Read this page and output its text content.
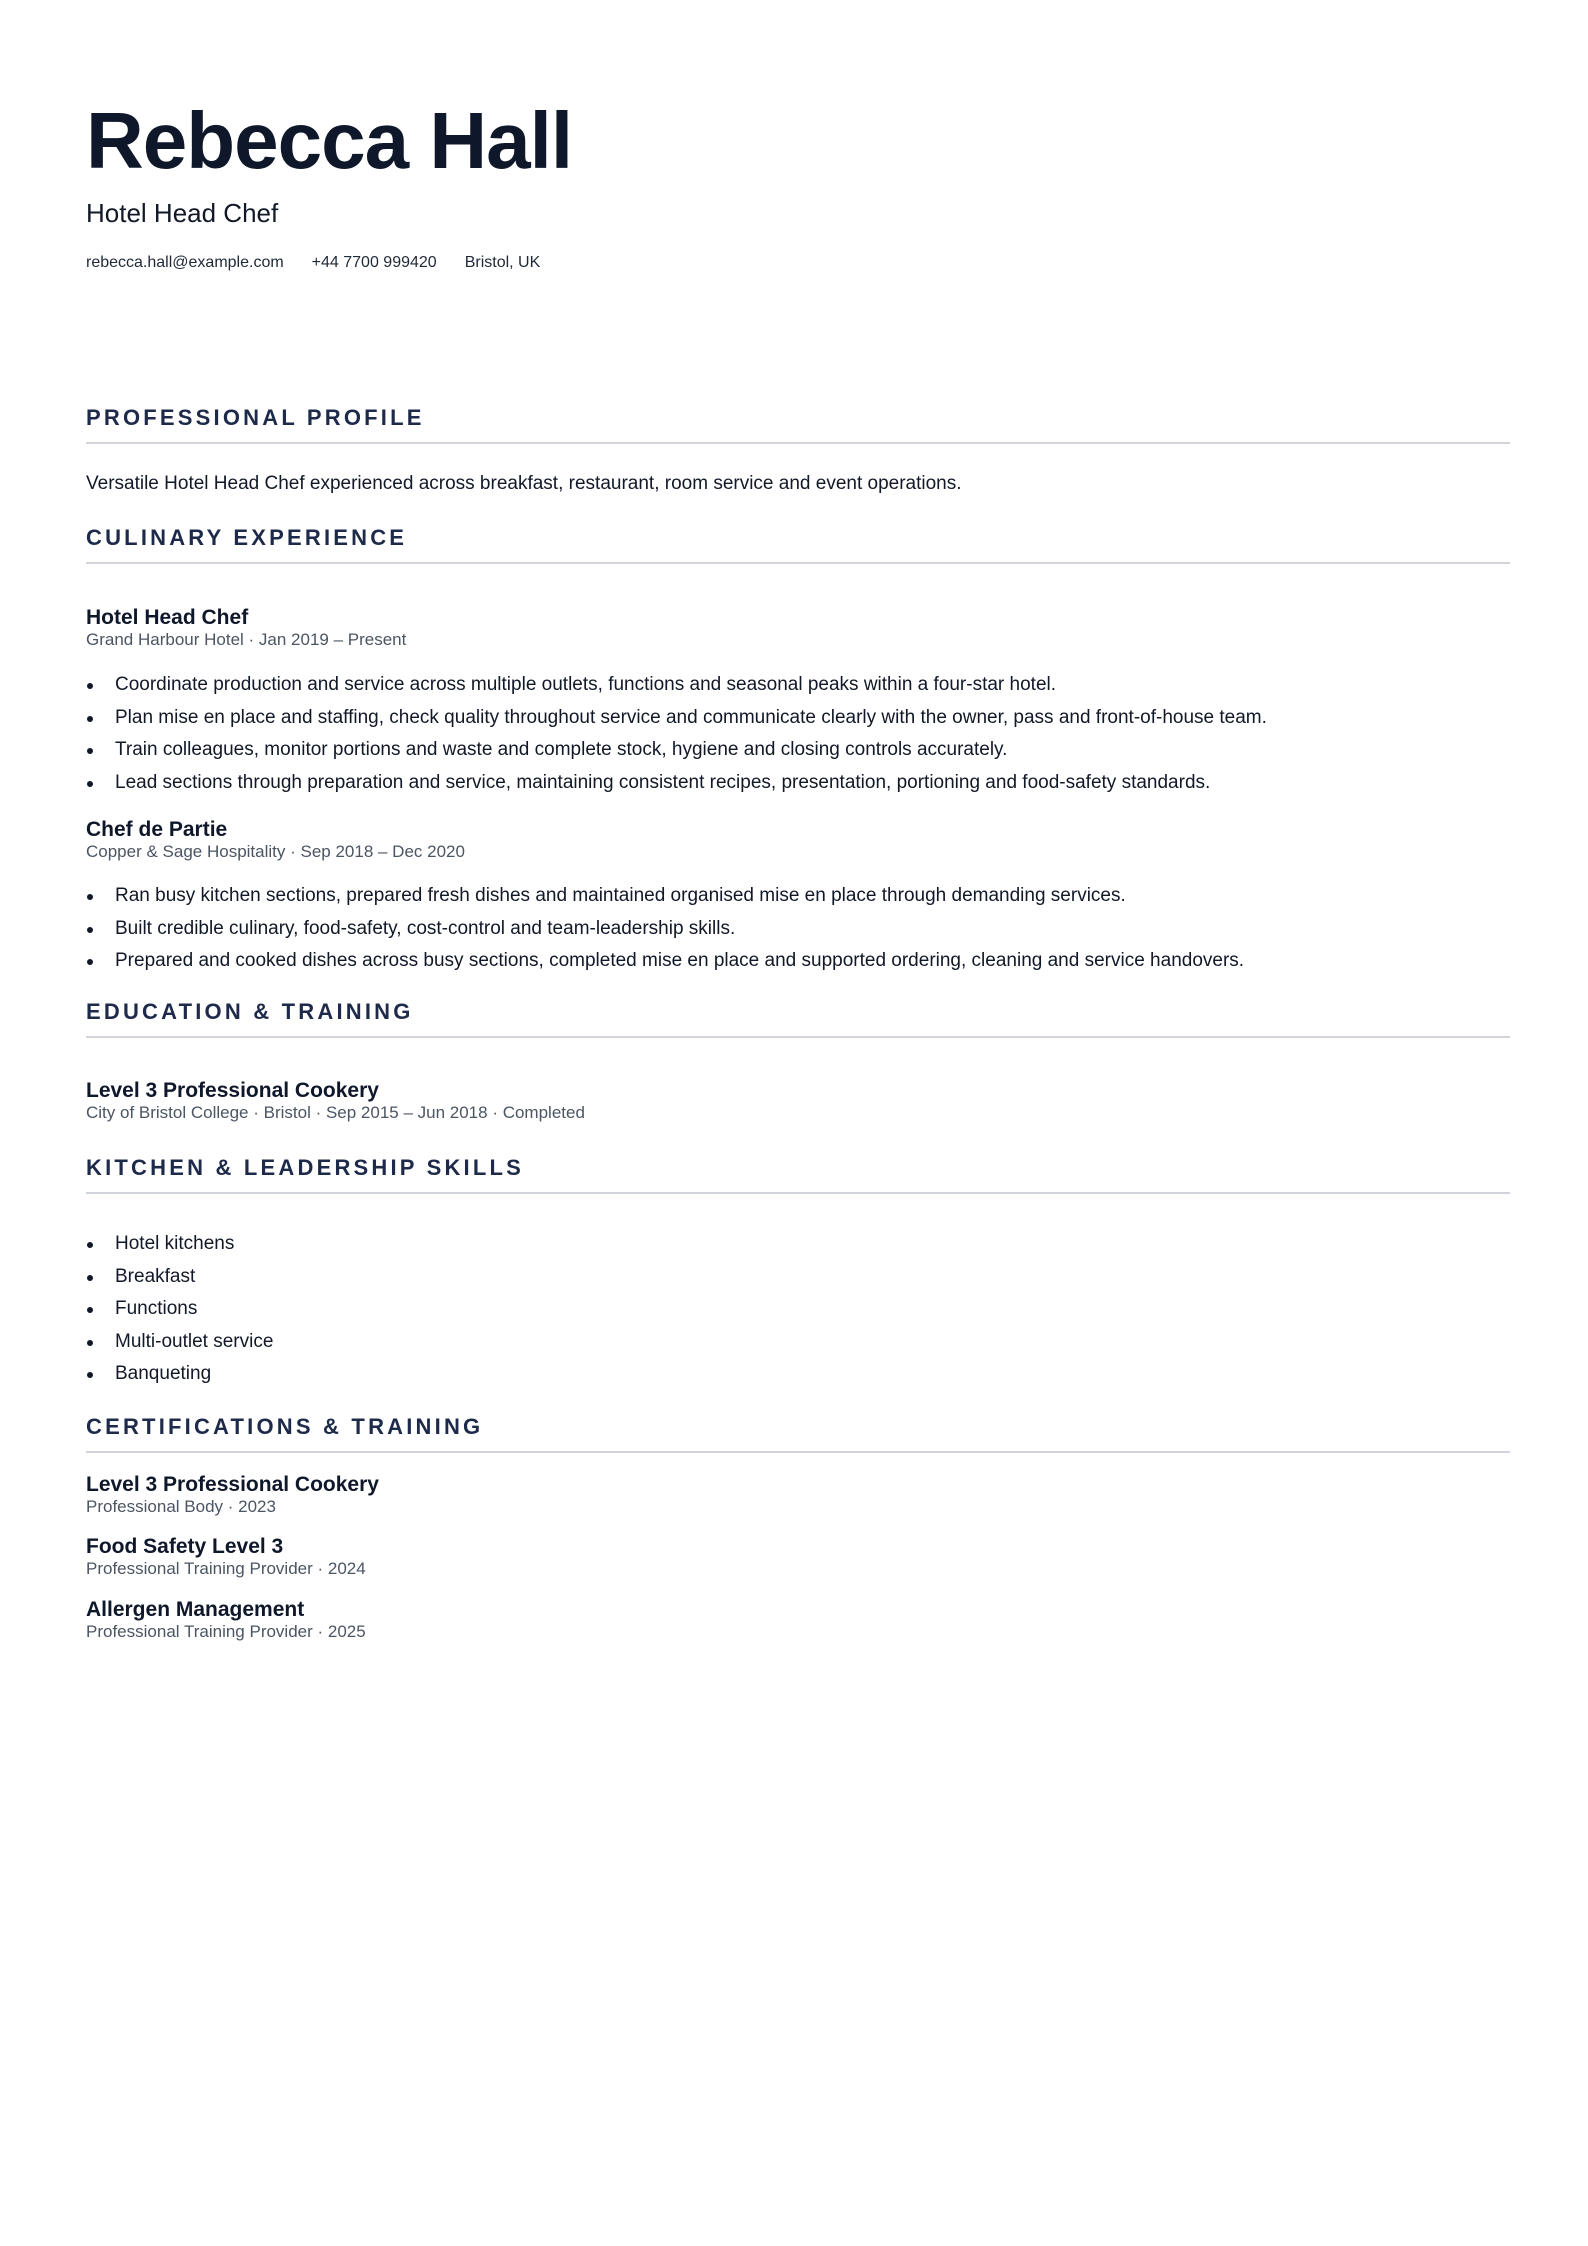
Rebecca Hall
Hotel Head Chef
rebecca.hall@example.com +44 7700 999420 Bristol, UK
PROFESSIONAL PROFILE
Versatile Hotel Head Chef experienced across breakfast, restaurant, room service and event operations.
CULINARY EXPERIENCE
Hotel Head Chef
Grand Harbour Hotel · Jan 2019 – Present
Coordinate production and service across multiple outlets, functions and seasonal peaks within a four-star hotel.
Plan mise en place and staffing, check quality throughout service and communicate clearly with the owner, pass and front-of-house team.
Train colleagues, monitor portions and waste and complete stock, hygiene and closing controls accurately.
Lead sections through preparation and service, maintaining consistent recipes, presentation, portioning and food-safety standards.
Chef de Partie
Copper & Sage Hospitality · Sep 2018 – Dec 2020
Ran busy kitchen sections, prepared fresh dishes and maintained organised mise en place through demanding services.
Built credible culinary, food-safety, cost-control and team-leadership skills.
Prepared and cooked dishes across busy sections, completed mise en place and supported ordering, cleaning and service handovers.
EDUCATION & TRAINING
Level 3 Professional Cookery
City of Bristol College · Bristol · Sep 2015 – Jun 2018 · Completed
KITCHEN & LEADERSHIP SKILLS
Hotel kitchens
Breakfast
Functions
Multi-outlet service
Banqueting
CERTIFICATIONS & TRAINING
Level 3 Professional Cookery
Professional Body · 2023
Food Safety Level 3
Professional Training Provider · 2024
Allergen Management
Professional Training Provider · 2025
